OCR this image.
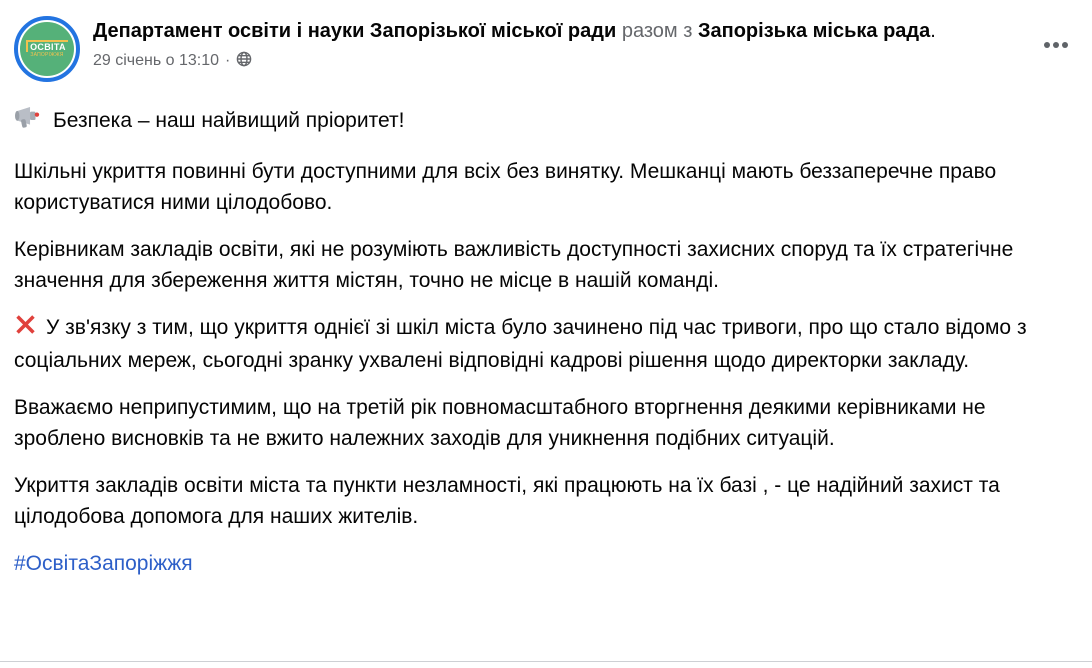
ОСВІТА
ЗАПОРІЖЖЯ
Департамент освіти і науки Запорізької міської ради разом з Запорізька міська рада.
29 січень о 13:10 ·
Безпека – наш найвищий пріоритет!
Шкільні укриття повинні бути доступними для всіх без винятку. Мешканці мають беззаперечне право користуватися ними цілодобово.
Керівникам закладів освіти, які не розуміють важливість доступності захисних споруд та їх стратегічне значення для збереження життя містян, точно не місце в нашій команді.
У зв'язку з тим, що укриття однієї зі шкіл міста було зачинено під час тривоги, про що стало відомо з соціальних мереж, сьогодні зранку ухвалені відповідні кадрові рішення щодо директорки закладу.
Вважаємо неприпустимим, що на третій рік повномасштабного вторгнення деякими керівниками не зроблено висновків та не вжито належних заходів для уникнення подібних ситуацій.
Укриття закладів освіти міста та пункти незламності, які працюють на їх базі , - це надійний захист та цілодобова допомога для наших жителів.
#ОсвітаЗапоріжжя
